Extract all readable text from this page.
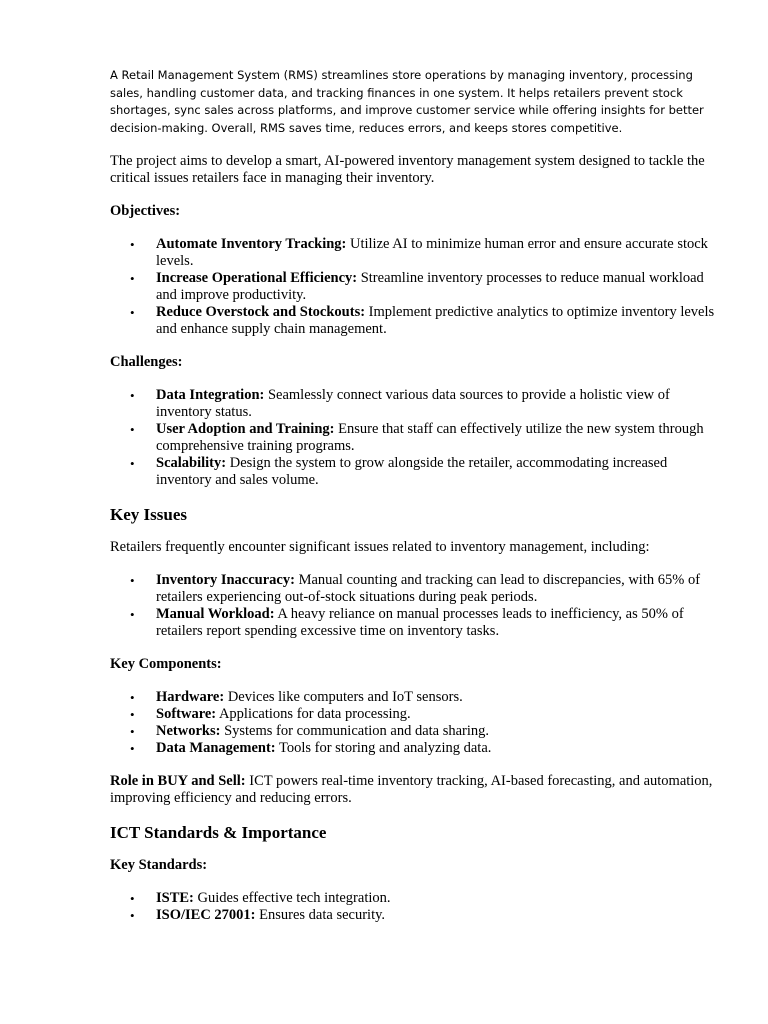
A Retail Management System (RMS) streamlines store operations by managing inventory, processing sales, handling customer data, and tracking finances in one system. It helps retailers prevent stock shortages, sync sales across platforms, and improve customer service while offering insights for better decision-making. Overall, RMS saves time, reduces errors, and keeps stores competitive.

The project aims to develop a smart, AI-powered inventory management system designed to tackle the critical issues retailers face in managing their inventory.

Objectives:

• Automate Inventory Tracking: Utilize AI to minimize human error and ensure accurate stock levels.
• Increase Operational Efficiency: Streamline inventory processes to reduce manual workload and improve productivity.
• Reduce Overstock and Stockouts: Implement predictive analytics to optimize inventory levels and enhance supply chain management.

Challenges:

• Data Integration: Seamlessly connect various data sources to provide a holistic view of inventory status.
• User Adoption and Training: Ensure that staff can effectively utilize the new system through comprehensive training programs.
• Scalability: Design the system to grow alongside the retailer, accommodating increased inventory and sales volume.
Key Issues

Retailers frequently encounter significant issues related to inventory management, including:

• Inventory Inaccuracy: Manual counting and tracking can lead to discrepancies, with 65% of retailers experiencing out-of-stock situations during peak periods.
• Manual Workload: A heavy reliance on manual processes leads to inefficiency, as 50% of retailers report spending excessive time on inventory tasks.

Key Components:

• Hardware: Devices like computers and IoT sensors.
• Software: Applications for data processing.
• Networks: Systems for communication and data sharing.
• Data Management: Tools for storing and analyzing data.

Role in BUY and Sell: ICT powers real-time inventory tracking, AI-based forecasting, and automation, improving efficiency and reducing errors.

ICT Standards & Importance

Key Standards:

• ISTE: Guides effective tech integration.
• ISO/IEC 27001: Ensures data security.
